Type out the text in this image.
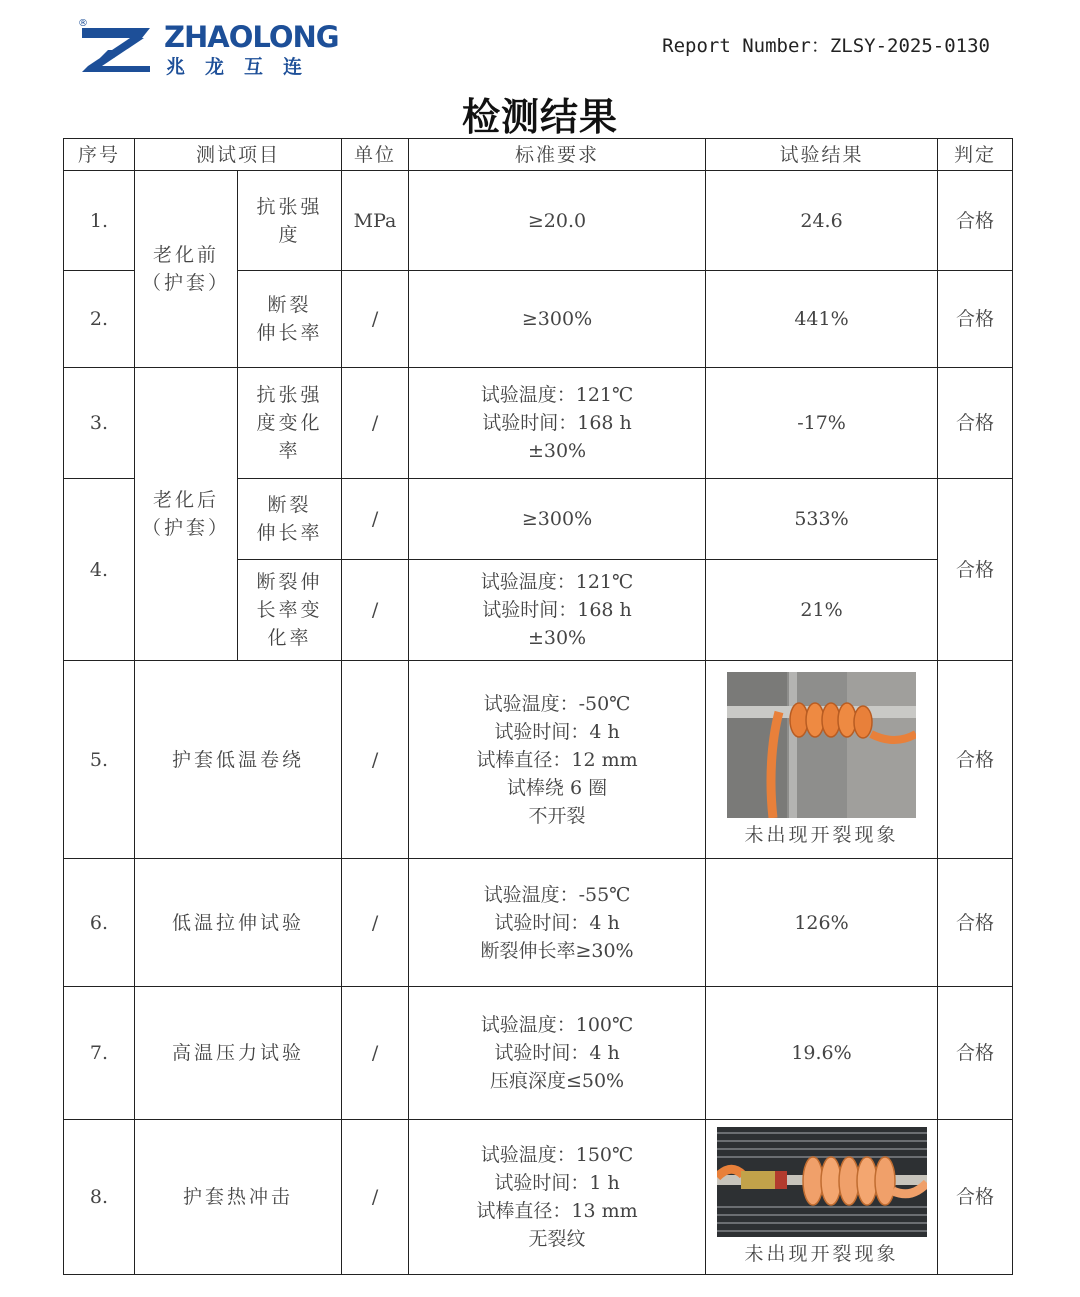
®	ZHAOLONG
兆龙互连
Report Number：ZLSY-2025-0130
检测结果
序号	测试项目		单位	标准要求	试验结果	判定
1.	老化前
（护套）	抗张强
度	MPa	≥20.0	24.6	合格
2.		断裂
伸长率	/	≥300%	441%	合格
3.	老化后
（护套）	抗张强
度变化
率	/	试验温度：121℃
试验时间：168 h
±30%	-17%	合格
4.		断裂
伸长率	/	≥300%	533%	合格

		断裂伸
长率变
化率	/	试验温度：121℃
试验时间：168 h
±30%	21%	
5.	护套低温卷绕		/	试验温度：-50℃
试验时间：4 h
试棒直径：12 mm
试棒绕 6 圈
不开裂	未出现开裂现象	合格
6.	低温拉伸试验		/	试验温度：-55℃
试验时间：4 h
断裂伸长率≥30%	126%	合格
7.	高温压力试验		/	试验温度：100℃
试验时间：4 h
压痕深度≤50%	19.6%	合格
8.	护套热冲击		/	试验温度：150℃
试验时间：1 h
试棒直径：13 mm
无裂纹	未出现开裂现象	合格
